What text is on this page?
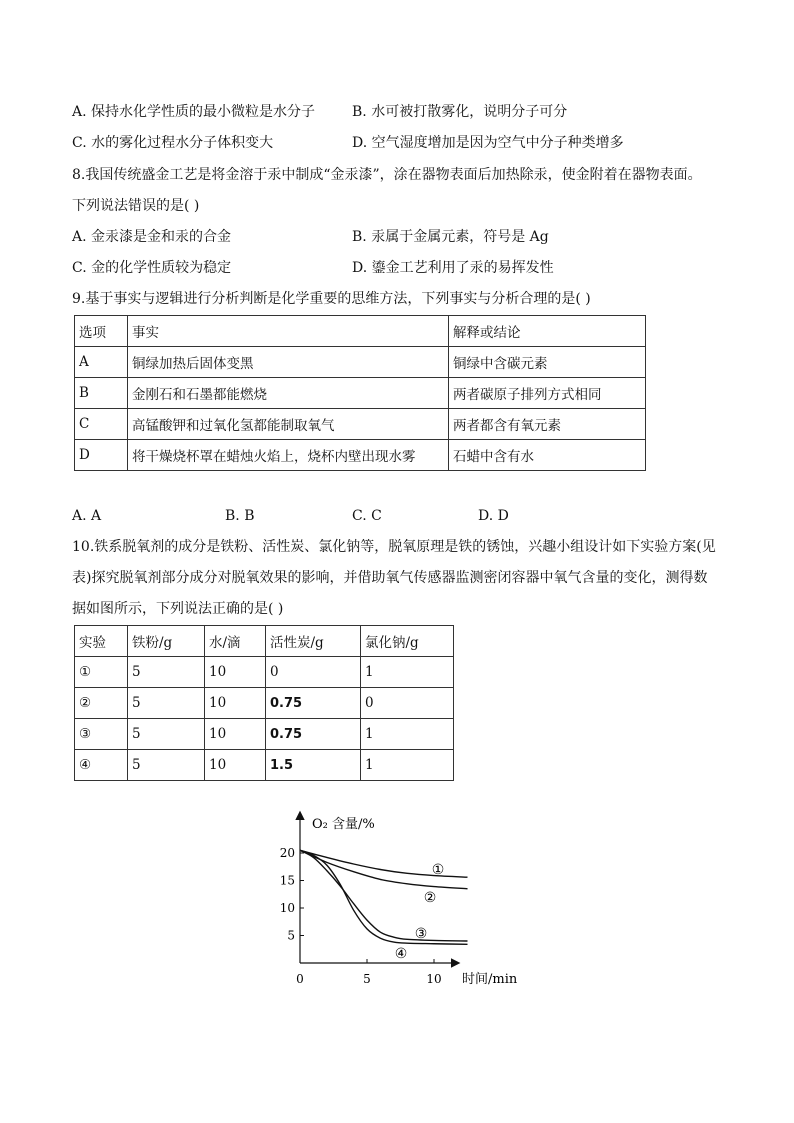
A. 保持水化学性质的最小微粒是水分子	B. 水可被打散雾化，说明分子可分
C. 水的雾化过程水分子体积变大	D. 空气湿度增加是因为空气中分子种类增多
8.我国传统盛金工艺是将金溶于汞中制成“金汞漆”，涂在器物表面后加热除汞，使金附着在器物表面。
下列说法错误的是( )
A. 金汞漆是金和汞的合金	B. 汞属于金属元素，符号是 Ag
C. 金的化学性质较为稳定	D. 鎏金工艺利用了汞的易挥发性
9.基于事实与逻辑进行分析判断是化学重要的思维方法，下列事实与分析合理的是( )
选项	事实	解释或结论
A	铜绿加热后固体变黑	铜绿中含碳元素
B	金刚石和石墨都能燃烧	两者碳原子排列方式相同
C	高锰酸钾和过氧化氢都能制取氧气	两者都含有氧元素
D	将干燥烧杯罩在蜡烛火焰上，烧杯内壁出现水雾	石蜡中含有水
A. A	B. B	C. C	D. D
10.铁系脱氧剂的成分是铁粉、活性炭、氯化钠等，脱氧原理是铁的锈蚀，兴趣小组设计如下实验方案(见
表)探究脱氧剂部分成分对脱氧效果的影响，并借助氧气传感器监测密闭容器中氧气含量的变化，测得数
据如图所示，下列说法正确的是( )
实验	铁粉/g	水/滴	活性炭/g	氯化钠/g
①	5	10	0	1
②	5	10	0.75	0
③	5	10	0.75	1
④	5	10	1.5	1
20
15
10
5
5	10
0
O₂ 含量/%
时间/min
①
②
③
④
